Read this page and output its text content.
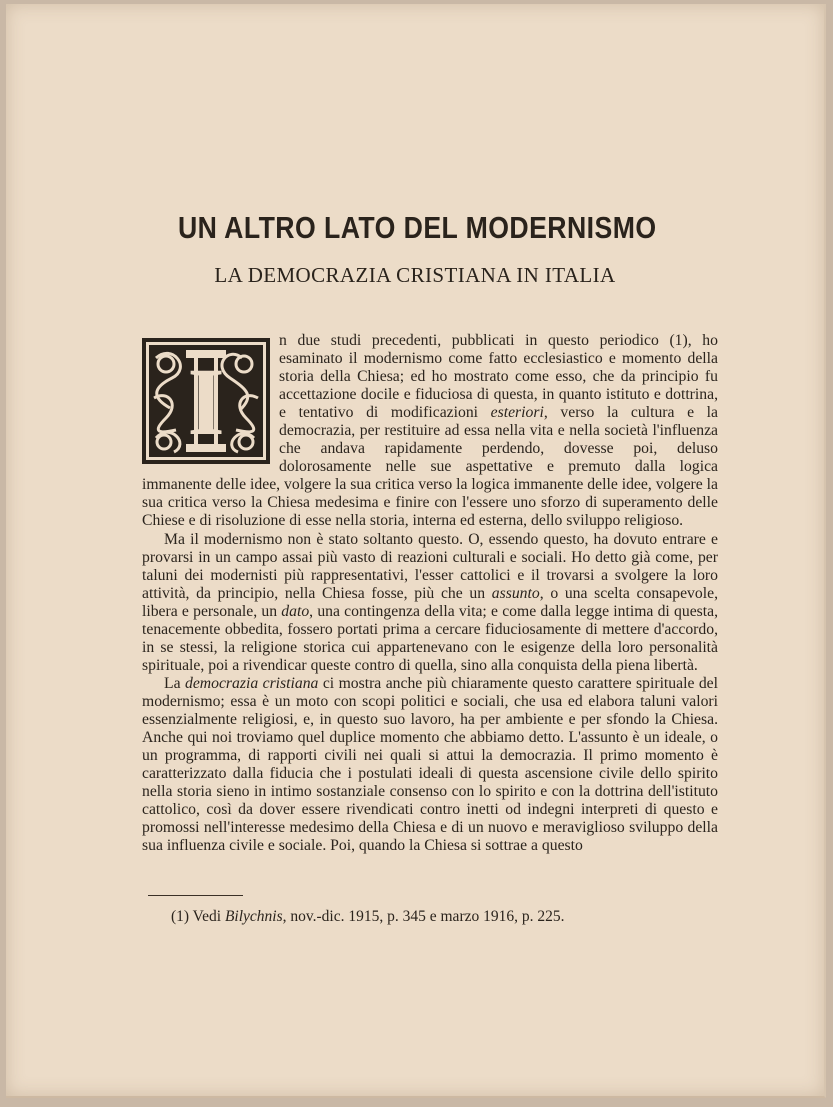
UN ALTRO LATO DEL MODERNISMO
LA DEMOCRAZIA CRISTIANA IN ITALIA
I

n due studi precedenti, pubblicati in questo periodico (1), ho esaminato il modernismo come fatto ecclesiastico e momento della storia della Chiesa; ed ho mostrato come esso, che da principio fu accettazione docile e fiduciosa di questa, in quanto istituto e dottrina, e tentativo di modificazioni esteriori, verso la cultura e la democrazia, per restituire ad essa nella vita e nella società l'influenza che andava rapidamente perdendo, dovesse poi, deluso dolorosamente nelle sue aspettative e premuto dalla logica immanente delle idee, volgere la sua critica verso la logica immanente delle idee, volgere la sua critica verso la Chiesa medesima e finire con l'essere uno sforzo di superamento delle Chiese e di risoluzione di esse nella storia, interna ed esterna, dello sviluppo religioso.

Ma il modernismo non è stato soltanto questo. O, essendo questo, ha dovuto entrare e provarsi in un campo assai più vasto di reazioni culturali e sociali. Ho detto già come, per taluni dei modernisti più rappresentativi, l'esser cattolici e il trovarsi a svolgere la loro attività, da principio, nella Chiesa fosse, più che un assunto, o una scelta consapevole, libera e personale, un dato, una contingenza della vita; e come dalla legge intima di questa, tenacemente obbedita, fossero portati prima a cercare fiduciosamente di mettere d'accordo, in se stessi, la religione storica cui appartenevano con le esigenze della loro personalità spirituale, poi a rivendicar queste contro di quella, sino alla conquista della piena libertà.

La democrazia cristiana ci mostra anche più chiaramente questo carattere spirituale del modernismo; essa è un moto con scopi politici e sociali, che usa ed elabora taluni valori essenzialmente religiosi, e, in questo suo lavoro, ha per ambiente e per sfondo la Chiesa. Anche qui noi troviamo quel duplice momento che abbiamo detto. L'assunto è un ideale, o un programma, di rapporti civili nei quali si attui la democrazia. Il primo momento è caratterizzato dalla fiducia che i postulati ideali di questa ascensione civile dello spirito nella storia sieno in intimo sostanziale consenso con lo spirito e con la dottrina dell'istituto cattolico, così da dover essere rivendicati contro inetti od indegni interpreti di questo e promossi nell'interesse medesimo della Chiesa e di un nuovo e meraviglioso sviluppo della sua influenza civile e sociale. Poi, quando la Chiesa si sottrae a questo

(1) Vedi Bilychnis, nov.-dic. 1915, p. 345 e marzo 1916, p. 225.
